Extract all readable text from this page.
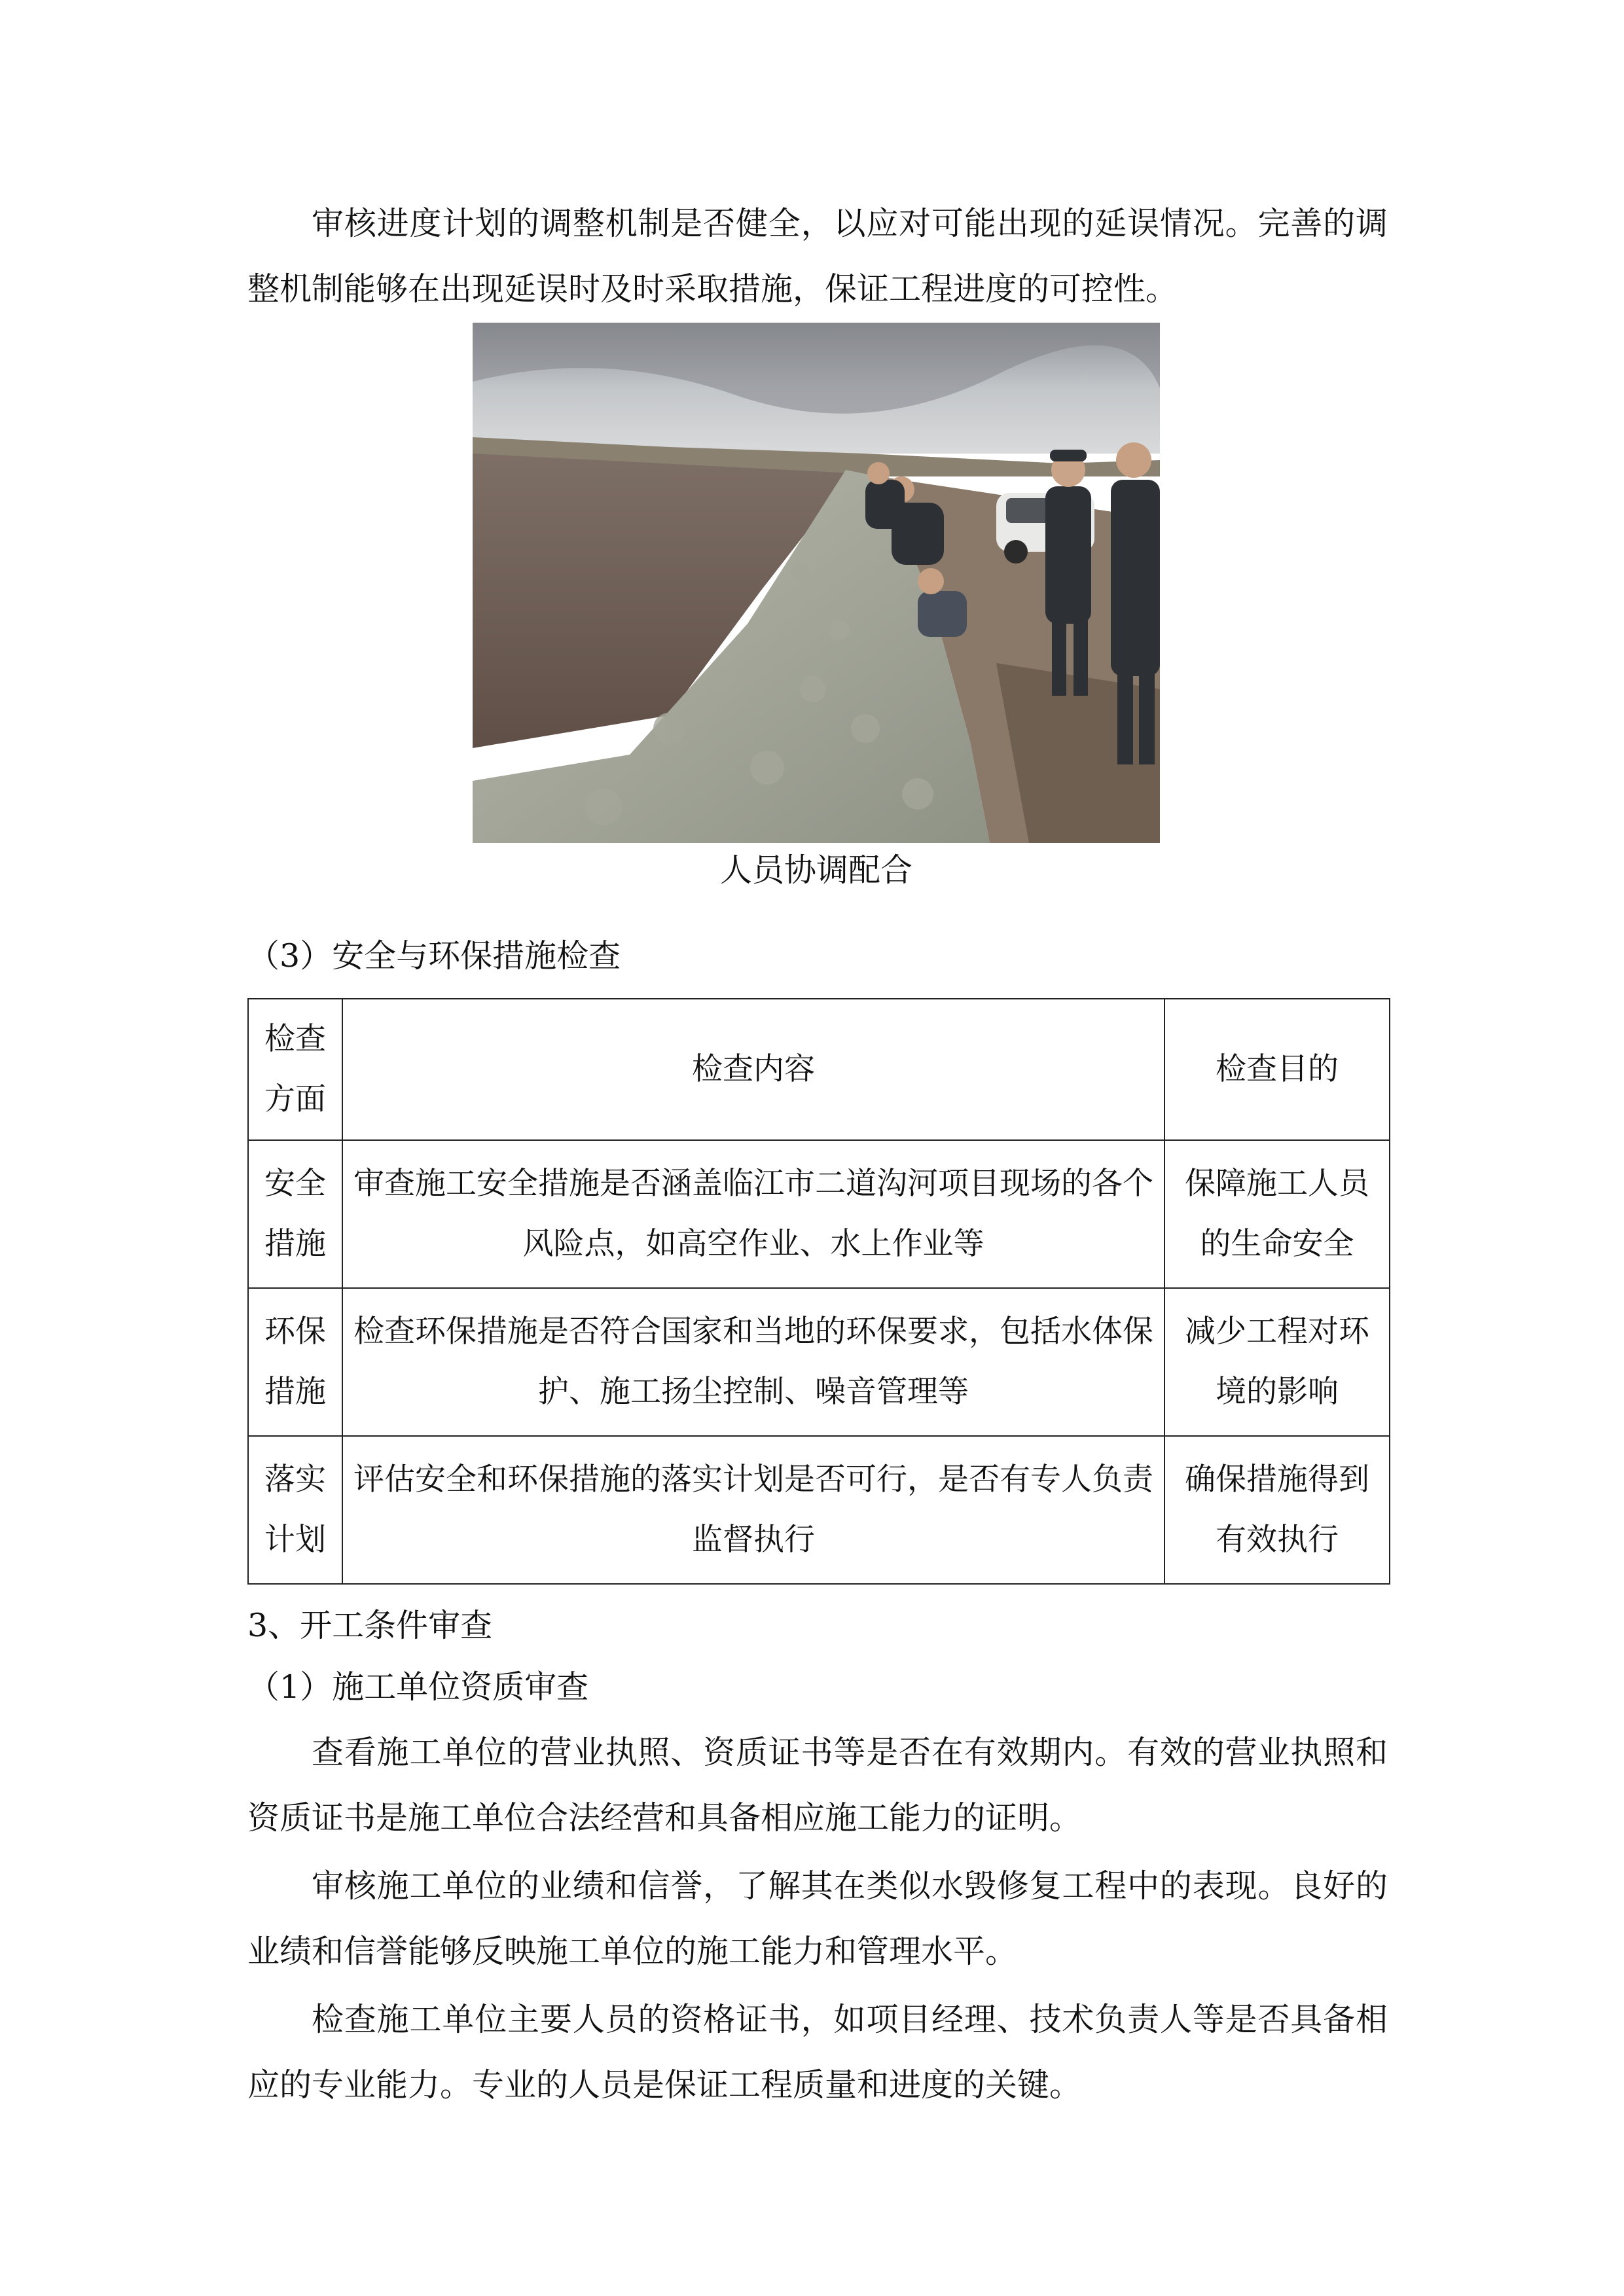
审核进度计划的调整机制是否健全，以应对可能出现的延误情况。完善的调整机制能够在出现延误时及时采取措施，保证工程进度的可控性。

人员协调配合

（3）安全与环保措施检查

检查方面	检查内容	检查目的
安全措施	审查施工安全措施是否涵盖临江市二道沟河项目现场的各个风险点，如高空作业、水上作业等	保障施工人员的生命安全
环保措施	检查环保措施是否符合国家和当地的环保要求，包括水体保护、施工扬尘控制、噪音管理等	减少工程对环境的影响
落实计划	评估安全和环保措施的落实计划是否可行，是否有专人负责监督执行	确保措施得到有效执行

3、开工条件审查

（1）施工单位资质审查

查看施工单位的营业执照、资质证书等是否在有效期内。有效的营业执照和资质证书是施工单位合法经营和具备相应施工能力的证明。

审核施工单位的业绩和信誉，了解其在类似水毁修复工程中的表现。良好的业绩和信誉能够反映施工单位的施工能力和管理水平。

检查施工单位主要人员的资格证书，如项目经理、技术负责人等是否具备相应的专业能力。专业的人员是保证工程质量和进度的关键。
